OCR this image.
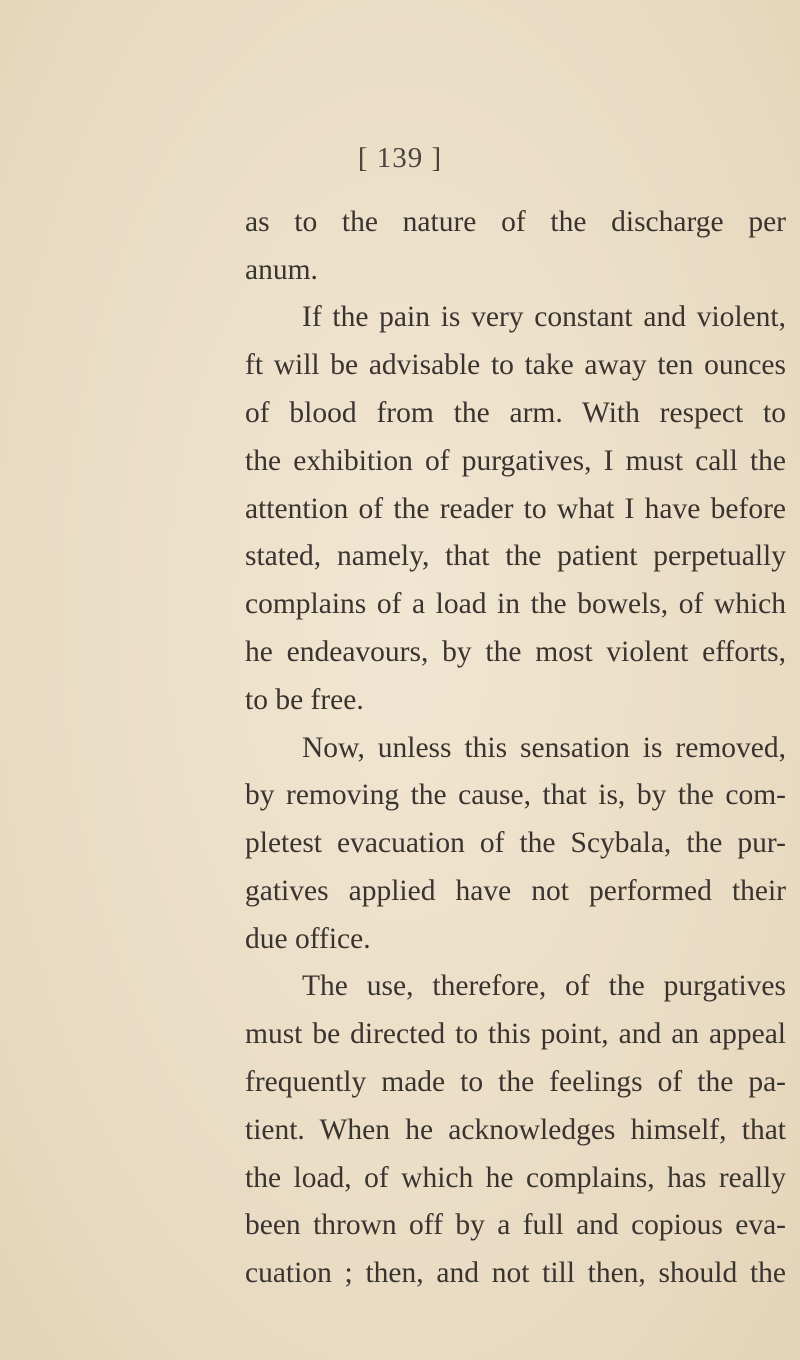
[ 139 ]
as to the nature of the discharge per
anum.
If the pain is very constant and violent,
ft will be advisable to take away ten ounces
of blood from the arm. With respect to
the exhibition of purgatives, I must call the
attention of the reader to what I have before
stated, namely, that the patient perpetually
complains of a load in the bowels, of which
he endeavours, by the most violent efforts,
to be free.
Now, unless this sensation is removed,
by removing the cause, that is, by the com-
pletest evacuation of the Scybala, the pur-
gatives applied have not performed their
due office.
The use, therefore, of the purgatives
must be directed to this point, and an appeal
frequently made to the feelings of the pa-
tient. When he acknowledges himself, that
the load, of which he complains, has really
been thrown off by a full and copious eva-
cuation ; then, and not till then, should the
